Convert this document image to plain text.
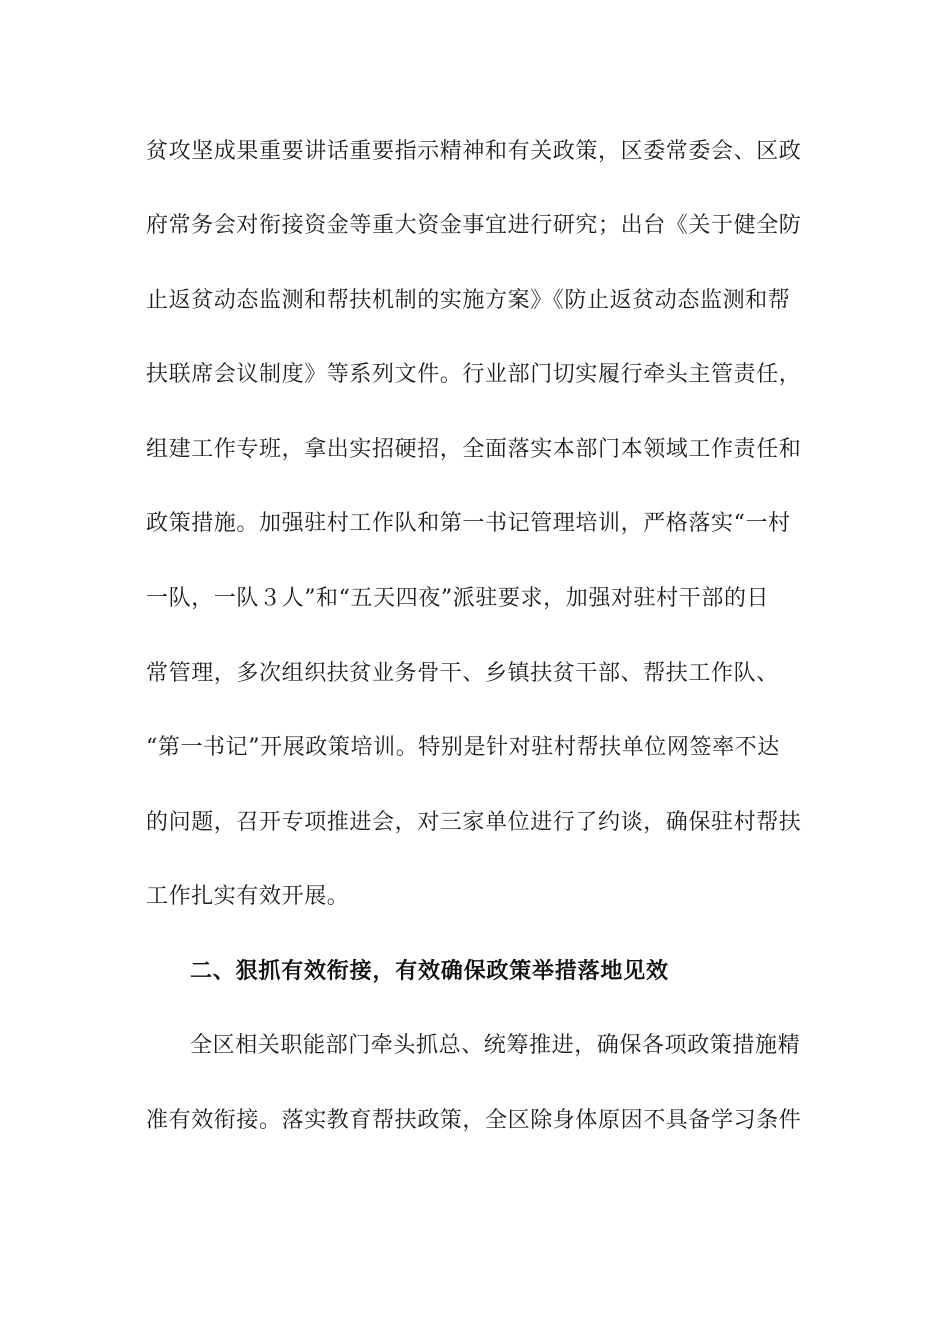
贫攻坚成果重要讲话重要指示精神和有关政策，区委常委会、区政
府常务会对衔接资金等重大资金事宜进行研究；出台《关于健全防
止返贫动态监测和帮扶机制的实施方案》《防止返贫动态监测和帮
扶联席会议制度》等系列文件。行业部门切实履行牵头主管责任，
组建工作专班，拿出实招硬招，全面落实本部门本领域工作责任和
政策措施。加强驻村工作队和第一书记管理培训，严格落实“一村
一队，一队３人”和“五天四夜”派驻要求，加强对驻村干部的日
常管理，多次组织扶贫业务骨干、乡镇扶贫干部、帮扶工作队、
“第一书记”开展政策培训。特别是针对驻村帮扶单位网签率不达
的问题，召开专项推进会，对三家单位进行了约谈，确保驻村帮扶
工作扎实有效开展。
二、狠抓有效衔接，有效确保政策举措落地见效
全区相关职能部门牵头抓总、统筹推进，确保各项政策措施精
准有效衔接。落实教育帮扶政策，全区除身体原因不具备学习条件
